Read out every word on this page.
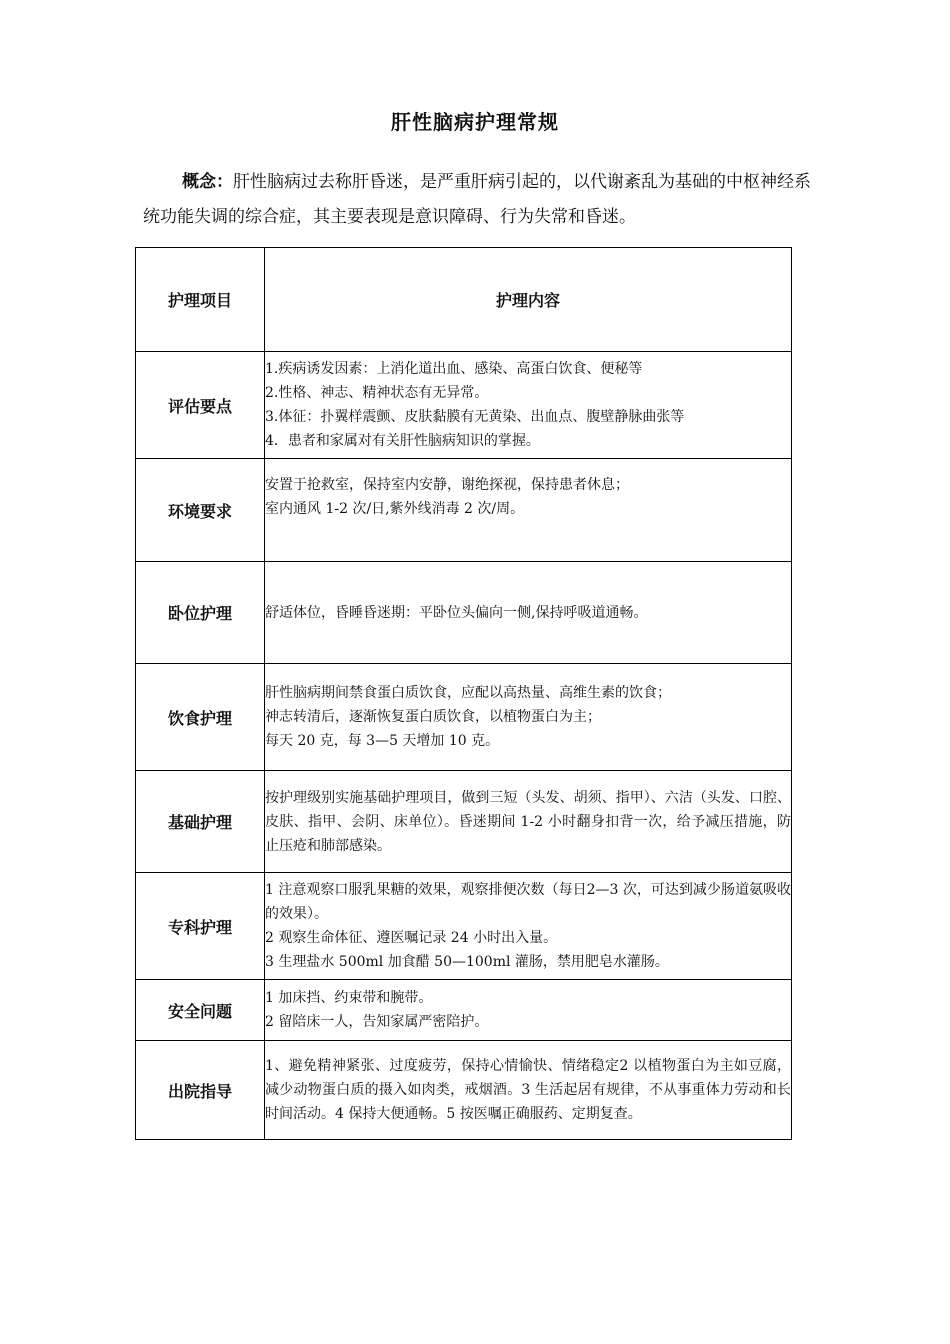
肝性脑病护理常规

概念：肝性脑病过去称肝昏迷，是严重肝病引起的，以代谢紊乱为基础的中枢神经系统功能失调的综合症，其主要表现是意识障碍、行为失常和昏迷。

护理项目	护理内容
评估要点	1.疾病诱发因素：上消化道出血、感染、高蛋白饮食、便秘等
2.性格、神志、精神状态有无异常。
3.体征：扑翼样震颤、皮肤黏膜有无黄染、出血点、腹壁静脉曲张等
4．患者和家属对有关肝性脑病知识的掌握。

环境要求	安置于抢救室，保持室内安静，谢绝探视，保持患者休息；
室内通风 1-2 次/日,紫外线消毒 2 次/周。

卧位护理	舒适体位，昏睡昏迷期：平卧位头偏向一侧,保持呼吸道通畅。

饮食护理	肝性脑病期间禁食蛋白质饮食，应配以高热量、高维生素的饮食；
神志转清后，逐渐恢复蛋白质饮食，以植物蛋白为主；
每天 20 克，每 3—5 天增加 10 克。

基础护理	按护理级别实施基础护理项目，做到三短（头发、胡须、指甲）、六洁（头发、口腔、皮肤、指甲、会阴、床单位）。昏迷期间 1-2 小时翻身扣背一次，给予减压措施，防止压疮和肺部感染。

专科护理	1 注意观察口服乳果糖的效果，观察排便次数（每日2—3 次，可达到减少肠道氨吸收的效果）。
2 观察生命体征、遵医嘱记录 24 小时出入量。
3 生理盐水 500ml 加食醋 50—100ml 灌肠，禁用肥皂水灌肠。

安全问题	1 加床挡、约束带和腕带。
2 留陪床一人，告知家属严密陪护。

出院指导	1、避免精神紧张、过度疲劳，保持心情愉快、情绪稳定2 以植物蛋白为主如豆腐，减少动物蛋白质的摄入如肉类，戒烟酒。3 生活起居有规律，不从事重体力劳动和长时间活动。4 保持大便通畅。5 按医嘱正确服药、定期复查。
